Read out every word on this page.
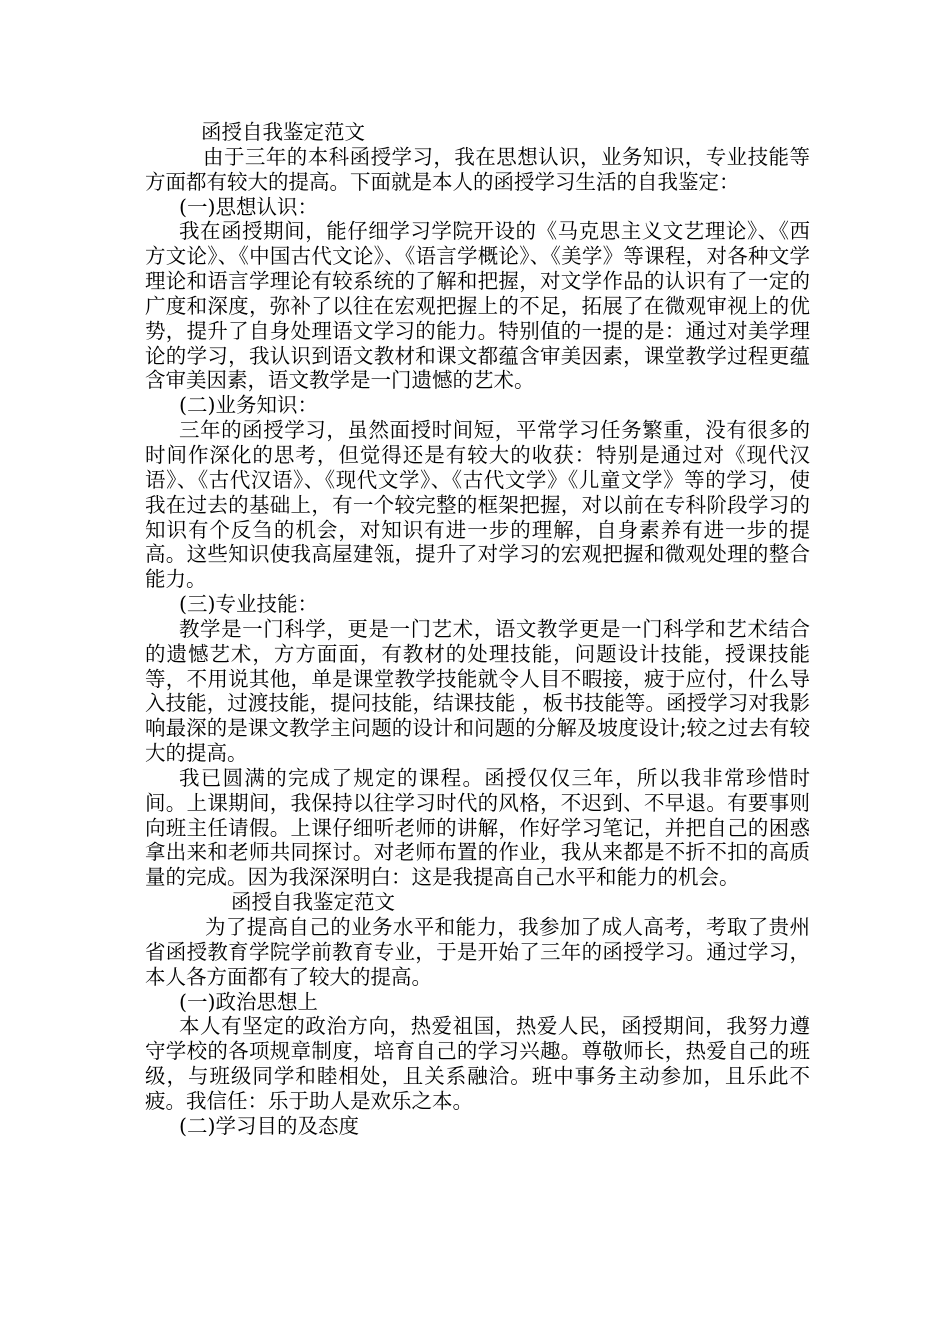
函授自我鉴定范文

由于三年的本科函授学习，我在思想认识，业务知识，专业技能等方面都有较大的提高。下面就是本人的函授学习生活的自我鉴定：

(一)思想认识：

我在函授期间，能仔细学习学院开设的《马克思主义文艺理论》、《西方文论》、《中国古代文论》、《语言学概论》、《美学》等课程，对各种文学理论和语言学理论有较系统的了解和把握，对文学作品的认识有了一定的广度和深度，弥补了以往在宏观把握上的不足，拓展了在微观审视上的优势，提升了自身处理语文学习的能力。特别值的一提的是：通过对美学理论的学习，我认识到语文教材和课文都蕴含审美因素，课堂教学过程更蕴含审美因素，语文教学是一门遗憾的艺术。

(二)业务知识：

三年的函授学习，虽然面授时间短，平常学习任务繁重，没有很多的时间作深化的思考，但觉得还是有较大的收获：特别是通过对《现代汉语》、《古代汉语》、《现代文学》、《古代文学》《儿童文学》等的学习，使我在过去的基础上，有一个较完整的框架把握，对以前在专科阶段学习的知识有个反刍的机会，对知识有进一步的理解，自身素养有进一步的提高。这些知识使我高屋建瓴，提升了对学习的宏观把握和微观处理的整合能力。

(三)专业技能：

教学是一门科学，更是一门艺术，语文教学更是一门科学和艺术结合的遗憾艺术，方方面面，有教材的处理技能，问题设计技能，授课技能等，不用说其他，单是课堂教学技能就令人目不暇接，疲于应付，什么导入技能，过渡技能，提问技能，结课技能 ，板书技能等。函授学习对我影响最深的是课文教学主问题的设计和问题的分解及坡度设计;较之过去有较大的提高。

我已圆满的完成了规定的课程。函授仅仅三年，所以我非常珍惜时间。上课期间，我保持以往学习时代的风格，不迟到、不早退。有要事则向班主任请假。上课仔细听老师的讲解，作好学习笔记，并把自己的困惑拿出来和老师共同探讨。对老师布置的作业，我从来都是不折不扣的高质量的完成。因为我深深明白：这是我提高自己水平和能力的机会。

函授自我鉴定范文

为了提高自己的业务水平和能力，我参加了成人高考，考取了贵州省函授教育学院学前教育专业，于是开始了三年的函授学习。通过学习，本人各方面都有了较大的提高。

(一)政治思想上

本人有坚定的政治方向，热爱祖国，热爱人民，函授期间，我努力遵守学校的各项规章制度，培育自己的学习兴趣。尊敬师长，热爱自己的班级，与班级同学和睦相处，且关系融洽。班中事务主动参加，且乐此不疲。我信任：乐于助人是欢乐之本。

(二)学习目的及态度
